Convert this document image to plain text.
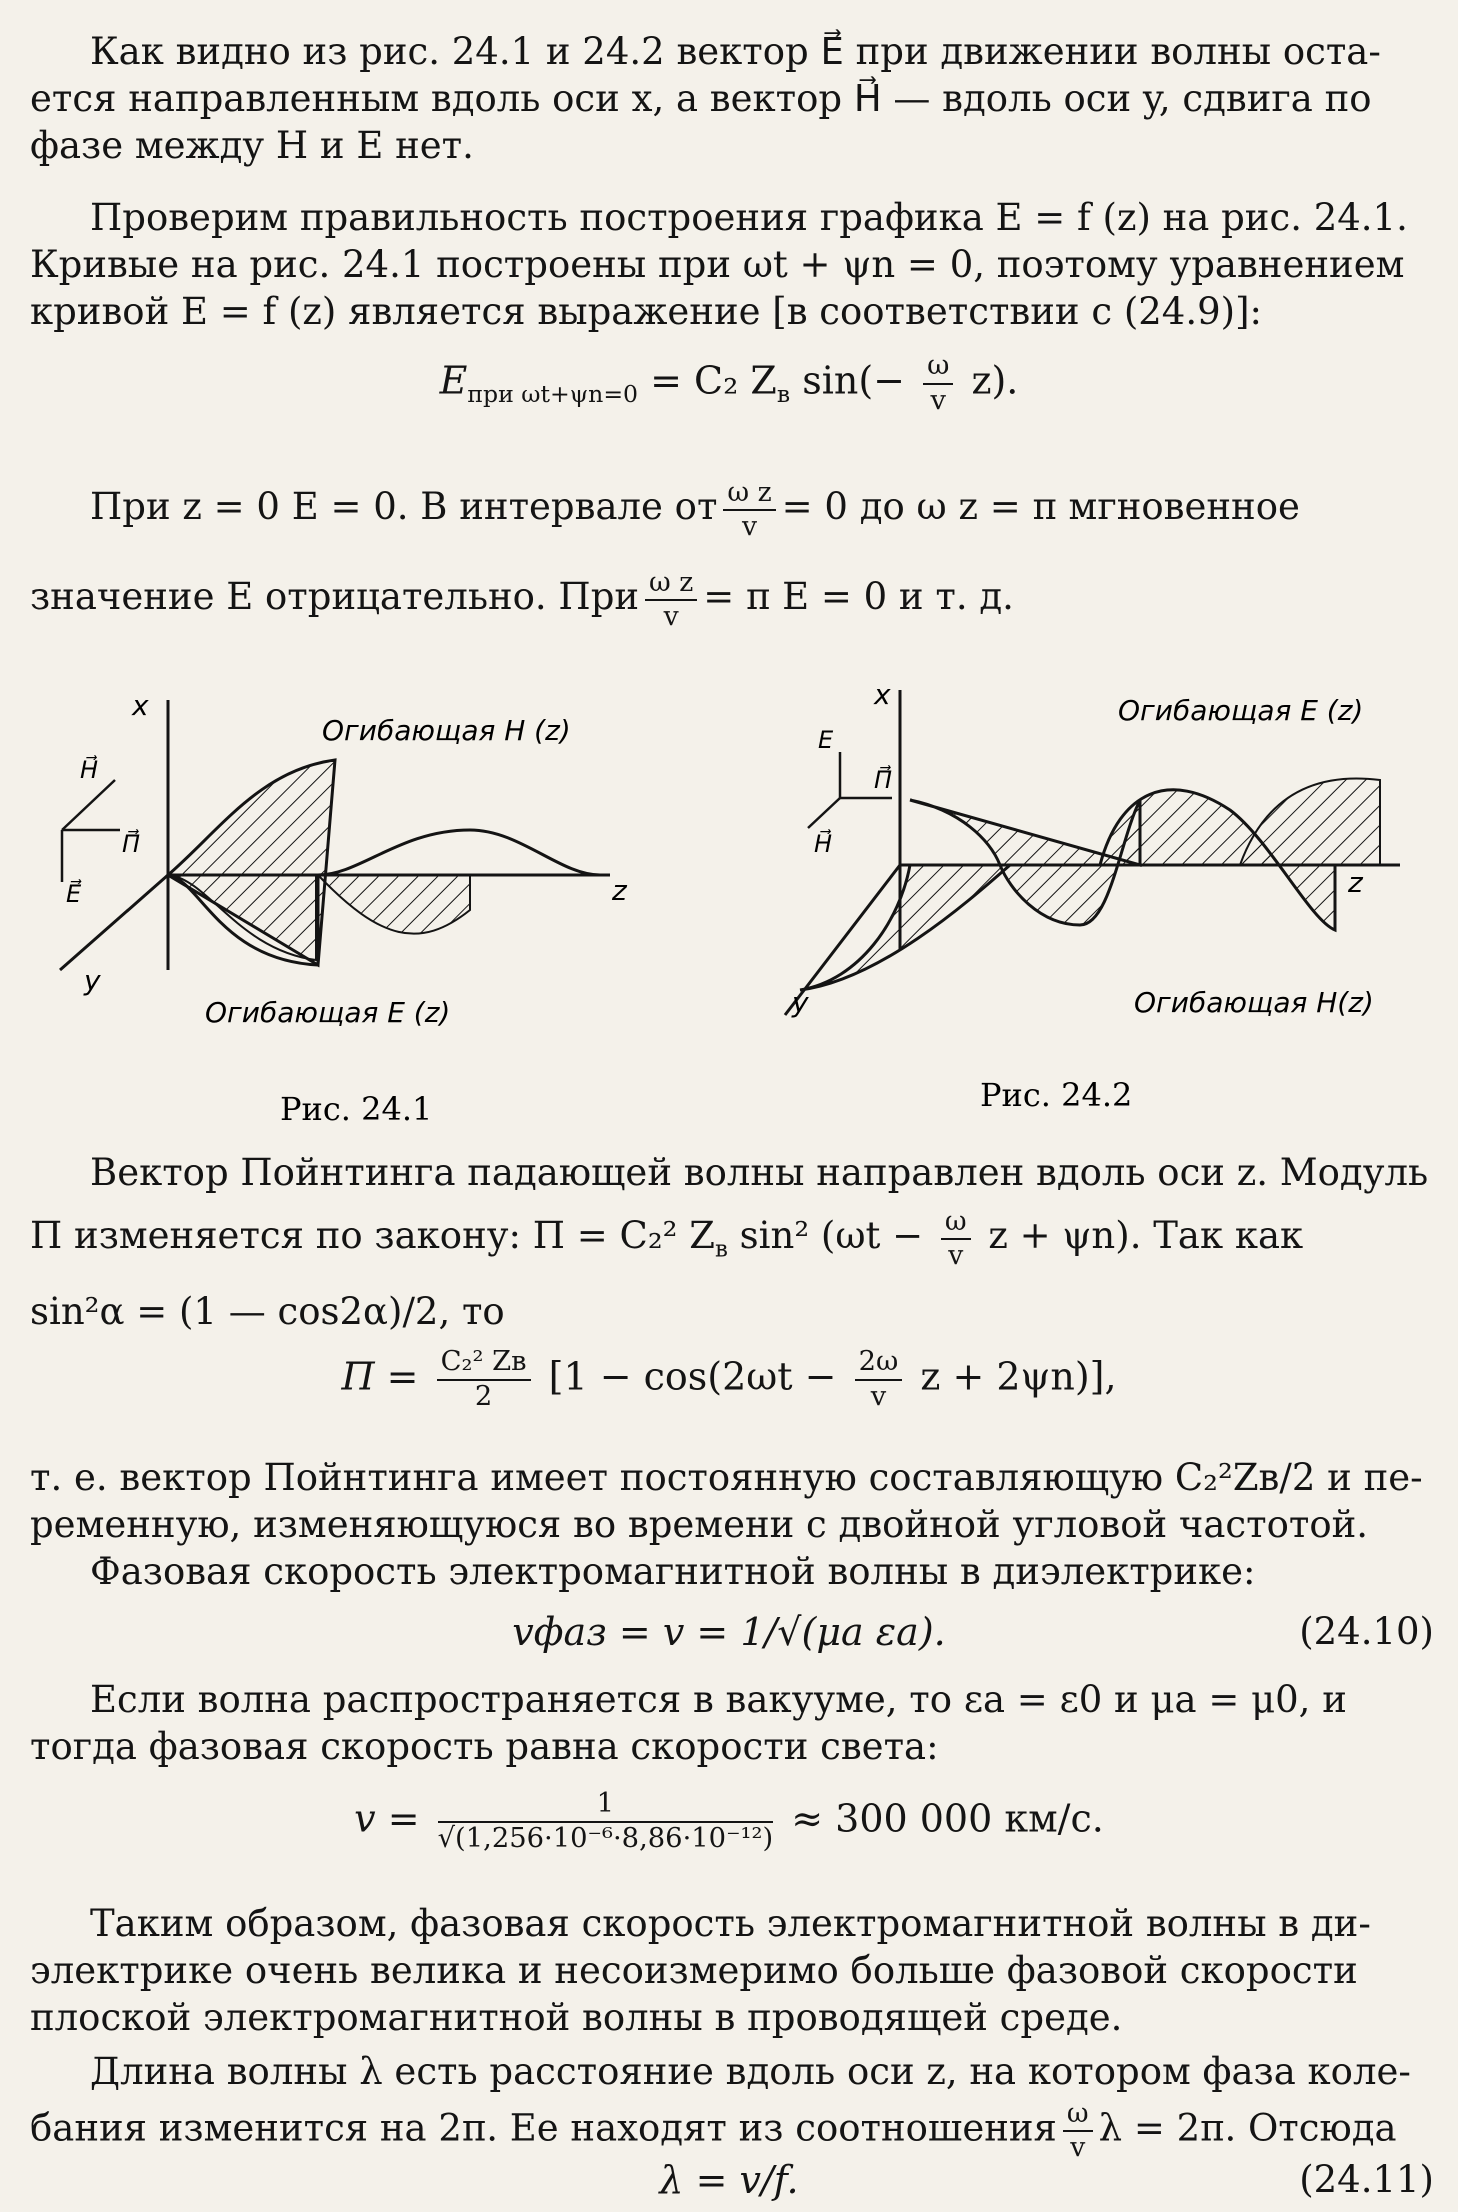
Как видно из рис. 24.1 и 24.2 вектор E⃗ при движении волны оста-
ется направленным вдоль оси x, а вектор H⃗ — вдоль оси y, сдвига по
фазе между H и E нет.
Проверим правильность построения графика E = f (z) на рис. 24.1.
Кривые на рис. 24.1 построены при ωt + ψn = 0, поэтому уравнением
кривой E = f (z) является выражение [в соответствии с (24.9)]:
$E_{при \omega t+\psi n=0} = C_2$ $Z_в$ $\sin(- \frac{\omega}{v} z)$.
При z = 0 E = 0. В интервале от $\frac{\text{ω z}}{v} = 0$ до ω z = π мгновенное
значение E отрицательно. При $\frac{\text{ω z}}{v} = \pi$ E = 0 и т. д.
x
z
y
H⃗
П⃗
E⃗
Огибающая H (z)
Огибающая E (z)
Рис. 24.1
x
z
y
E
П⃗
H⃗
Огибающая E (z)
Огибающая H(z)
Рис. 24.2
Вектор Пойнтинга падающей волны направлен вдоль оси z. Модуль
П изменяется по закону: П = C₂² $Z_в$ sin² ($\omega t - \frac{\omega}{v}$ z + ψn). Так как
sin²α = (1 — cos2α)/2, то
$П = \frac{\text{C₂² Zв}}{2} [1 - \cos(2\omega t - \frac{2\omega}{v}$ z + 2ψn)],
т. е. вектор Пойнтинга имеет постоянную составляющую C₂²Zв/2 и пе-
ременную, изменяющуюся во времени с двойной угловой частотой.
Фазовая скорость электромагнитной волны в диэлектрике:
vфаз = v = 1/√(μa εa).	(24.10)
Если волна распространяется в вакууме, то εa = ε0 и μa = μ0, и
тогда фазовая скорость равна скорости света:
$v = \frac{1}{\text{√(1,256·10⁻⁶·8,86·10⁻¹²)}} \approx 300$ 000 км/с.
Таким образом, фазовая скорость электромагнитной волны в ди-
электрике очень велика и несоизмеримо больше фазовой скорости
плоской электромагнитной волны в проводящей среде.
Длина волны λ есть расстояние вдоль оси z, на котором фаза коле-
бания изменится на 2π. Ее находят из соотношения $\frac{\omega}{v}$ λ = 2π. Отсюда
λ = v/f.	(24.11)
